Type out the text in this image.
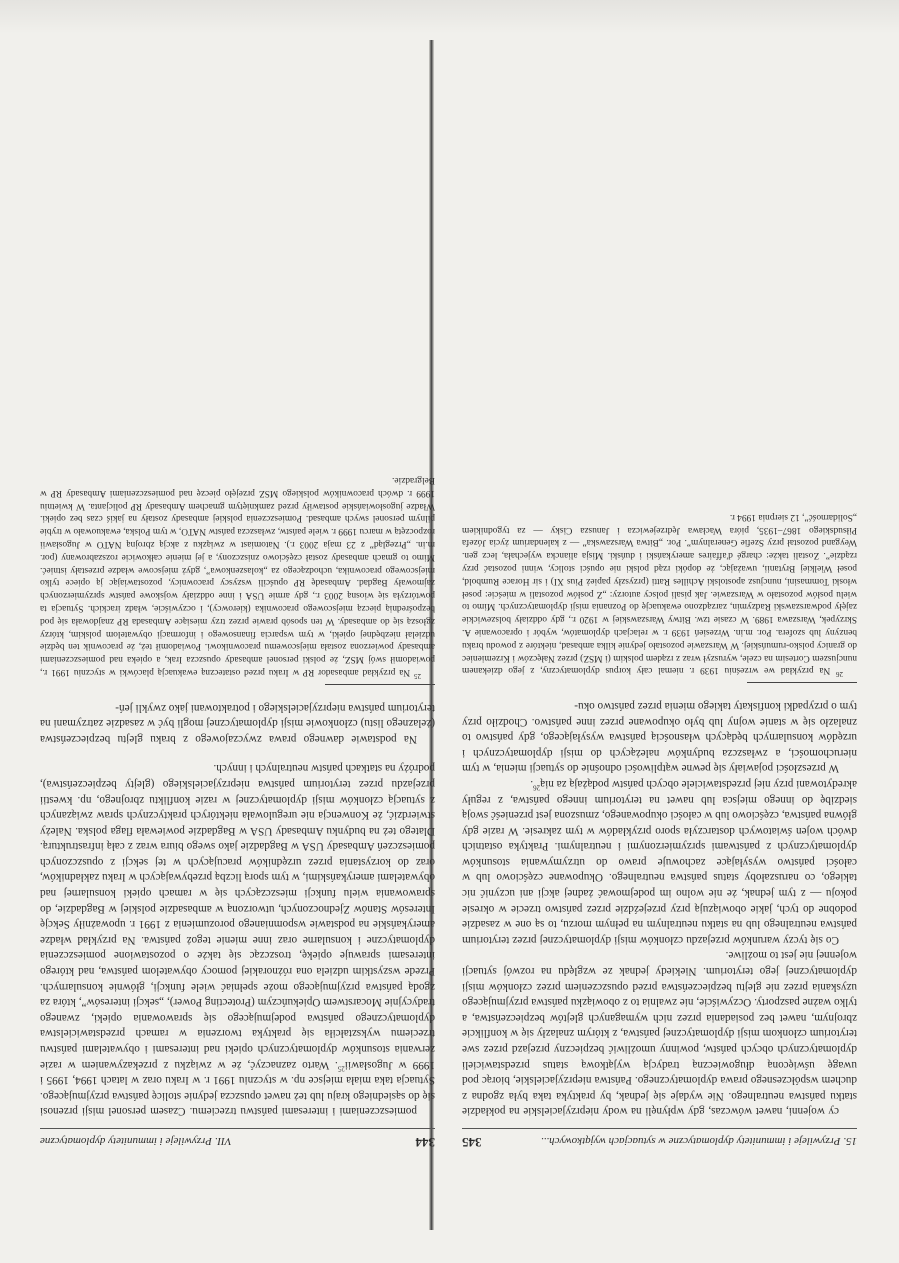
15. Przywileje i immunitety dyplomatyczne w sytuacjach wyjątkowych...
345

cy wojenni, nawet wówczas, gdy wpłynęli na wody nieprzyjacielskie na pokładzie statku państwa neutralnego. Nie wydaje się jednak, by praktyka taka była zgodna z duchem współczesnego prawa dyplomatycznego. Państwa nieprzyjacielskie, biorąc pod uwagę uświęconą długowieczną tradycją wyjątkową status przedstawicieli dyplomatycznych obcych państw, powinny umożliwić bezpieczny przejazd przez swe terytorium członkom misji dyplomatycznej państwa, z którym znalazły się w konflikcie zbrojnym, nawet bez posiadania przez nich wymaganych glejtów bezpieczeństwa, a tylko ważne paszporty. Oczywiście, nie zwalnia to z obowiązku państwa przyjmującego uzyskania przez nie glejtu bezpieczeństwa przed opuszczeniem przez członków misji dyplomatycznej jego terytorium. Niekiedy jednak ze względu na rozwój sytuacji wojennej nie jest to możliwe.

Co się tyczy warunków przejazdu członków misji dyplomatycznej przez terytorium państwa neutralnego lub na statku neutralnym na pełnym morzu, to są one w zasadzie podobne do tych, jakie obowiązują przy przejeździe przez państwo trzecie w okresie pokoju — z tym jednak, że nie wolno im podejmować żadnej akcji ani uczynić nic takiego, co naruszałoby status państwa neutralnego. Okupowane częściowo lub w całości państwo wysyłające zachowuje prawo do utrzymywania stosunków dyplomatycznych z państwami sprzymierzonymi i neutralnymi. Praktyka ostatnich dwóch wojen światowych dostarczyła sporo przykładów w tym zakresie. W razie gdy główna państwa, częściowo lub w całości okupowanego, zmuszona jest przenieść swoją siedzibę do innego miejsca lub nawet na terytorium innego państwa, z reguły akredytowani przy niej przedstawiciele obcych państw podążają za nią$^{26}$.

W przeszłości pojawiały się pewne wątpliwości odnośnie do sytuacji mienia, w tym nieruchomości, a zwłaszcza budynków należących do misji dyplomatycznych i urzędów konsularnych będących własnością państwa wysyłającego, gdy państwo to znalazło się w stanie wojny lub było okupowane przez inne państwo. Chodziło przy tym o przypadki konfiskaty takiego mienia przez państwo oku-

$^{26}$ Na przykład we wrześniu 1939 r. niemal cały korpus dyplomatyczny, z jego dziekanem nuncjuszem Cortesim na czele, wyruszył wraz z rządem polskim (i MSZ) przez Nałęczów i Krzemieniec do granicy polsko-rumuńskiej. W Warszawie pozostało jedynie kilka ambasad, niektóre z powodu braku benzyny lub szofera. Por. m.in. Wrzesień 1939 r. w relacjach dyplomatów, wybór i opracowanie A. Skrzypek, Warszawa 1989. W czasie tzw. Bitwy Warszawskiej w 1920 r., gdy oddziały bolszewickie zajęły podwarszawski Radzymin, zarządzono ewakuację do Poznania misji dyplomatycznych. Mimo to wielu posłów pozostało w Warszawie. Jak pisali polscy autorzy: „Z posłów pozostali w mieście: poseł włoski Tommasini, nuncjusz apostolski Achilles Ratti (przyszły papież Pius XI) i sir Horace Rumbold, poseł Wielkiej Brytanii, uważając, że dopóki rząd polski nie opuści stolicy, winni pozostać przy rządzie”. Zostali także: chargé d'affaires amerykański i duński. Misja aliancka wyjechała, lecz gen. Weygand pozostał przy Szefie Generalnym”. Por. „Bitwa Warszawska” — z kalendarium życia Józefa Piłsudskiego 1867–1935, pióra Wacława Jędrzejewicza i Janusza Cisky — za tygodnikiem „Solidarność”, 12 sierpnia 1994 r.

344
VII. Przywileje i immunitety dyplomatyczne

pomieszczeniami i interesami państwu trzeciemu. Czasem personel misji przenosi się do sąsiedniego kraju lub też nawet opuszcza jedynie stolicę państwa przyjmującego. Sytuacja taka miała miejsce np. w styczniu 1991 r. w Iraku oraz w latach 1994, 1995 i 1999 w Jugosławii$^{25}$. Warto zaznaczyć, że w związku z przekazywaniem w razie zerwania stosunków dyplomatycznych opieki nad interesami i obywatelami państwu trzeciemu wykształciła się praktyka tworzenia w ramach przedstawicielstwa dyplomatycznego państwa podejmującego się sprawowania opieki, zwanego tradycyjnie Mocarstwem Opiekuńczym (Protecting Power), „sekcji interesów”, która za zgodą państwa przyjmującego może spełniać wiele funkcji, głównie konsularnych. Przede wszystkim udziela ona różnorakiej pomocy obywatelom państwa, nad którego interesami sprawuje opiekę, troszcząc się także o pozostawione pomieszczenia dyplomatyczne i konsularne oraz inne mienie tegoż państwa. Na przykład władze amerykańskie na podstawie wspomnianego porozumienia z 1991 r. upoważniły Sekcję Interesów Stanów Zjednoczonych, utworzoną w ambasadzie polskiej w Bagdadzie, do sprawowania wielu funkcji mieszczących się w ramach opieki konsularnej nad obywatelami amerykańskimi, w tym sporą liczbą przebywających w Iraku zakładników, oraz do korzystania przez urzędników pracujących w tej sekcji z opuszczonych pomieszczeń Ambasady USA w Bagdadzie jako swego biura wraz z całą infrastrukturą. Dlatego też na budynku Ambasady USA w Bagdadzie powiewała flaga polska. Należy stwierdzić, że Konwencja nie uregulowała niektórych praktycznych spraw związanych z sytuacją członków misji dyplomatycznej w razie konfliktu zbrojnego, np. kwestii przejazdu przez terytorium państwa nieprzyjacielskiego (glejty bezpieczeństwa), podróży na statkach państw neutralnych i innych.

Na podstawie dawnego prawa zwyczajowego z braku glejtu bezpieczeństwa (żelaznego listu) członkowie misji dyplomatycznej mogli być w zasadzie zatrzymani na terytorium państwa nieprzyjacielskiego i potraktowani jako zwykli jeń-

$^{25}$ Na przykład ambasador RP w Iraku przed ostateczną ewakuacją placówki w styczniu 1991 r., powiadomił swój MSZ, że polski personel ambasady opuszcza Irak, a opieka nad pomieszczeniami ambasady powierzona została miejscowemu pracownikowi. Powiadomił też, że pracownik ten będzie udzielał niezbędnej opieki, w tym wsparcia finansowego i informacji obywatelom polskim, którzy zgłoszą się do ambasady. W ten sposób prawie przez trzy miesiące Ambasada RP znajdowała się pod bezpośrednią pieczą miejscowego pracownika (kierowcy), i oczywiście, władz irackich. Sytuacja ta powtórzyła się wiosną 2003 r., gdy armie USA i inne oddziały wojskowe państw sprzymierzonych zajmowały Bagdad. Ambasadę RP opuścili wszyscy pracownicy, pozostawiając ją opiece tylko miejscowego pracownika, uchodzącego za „kolaszenkowa”, gdyż miejscowe władze przestały istnieć. Mimo to gmach ambasady został częściowo zniszczony, a jej mienie całkowicie rozszabrowany (por. m.in. „Przegląd” z 23 maja 2003 r.). Natomiast w związku z akcją zbrojną NATO w Jugosławii rozpoczętą w marcu 1999 r. wiele państw, zwłaszcza państw NATO, w tym Polska, ewakuowało w trybie pilnym personel swych ambasad. Pomieszczenia polskiej ambasady zostały na jakiś czas bez opieki. Władze jugosłowiańskie postawiły przed zamkniętym gmachem Ambasady RP policjanta. W kwietniu 1999 r. dwóch pracowników polskiego MSZ przejęło pieczę nad pomieszczeniami Ambasady RP w Belgradzie.
